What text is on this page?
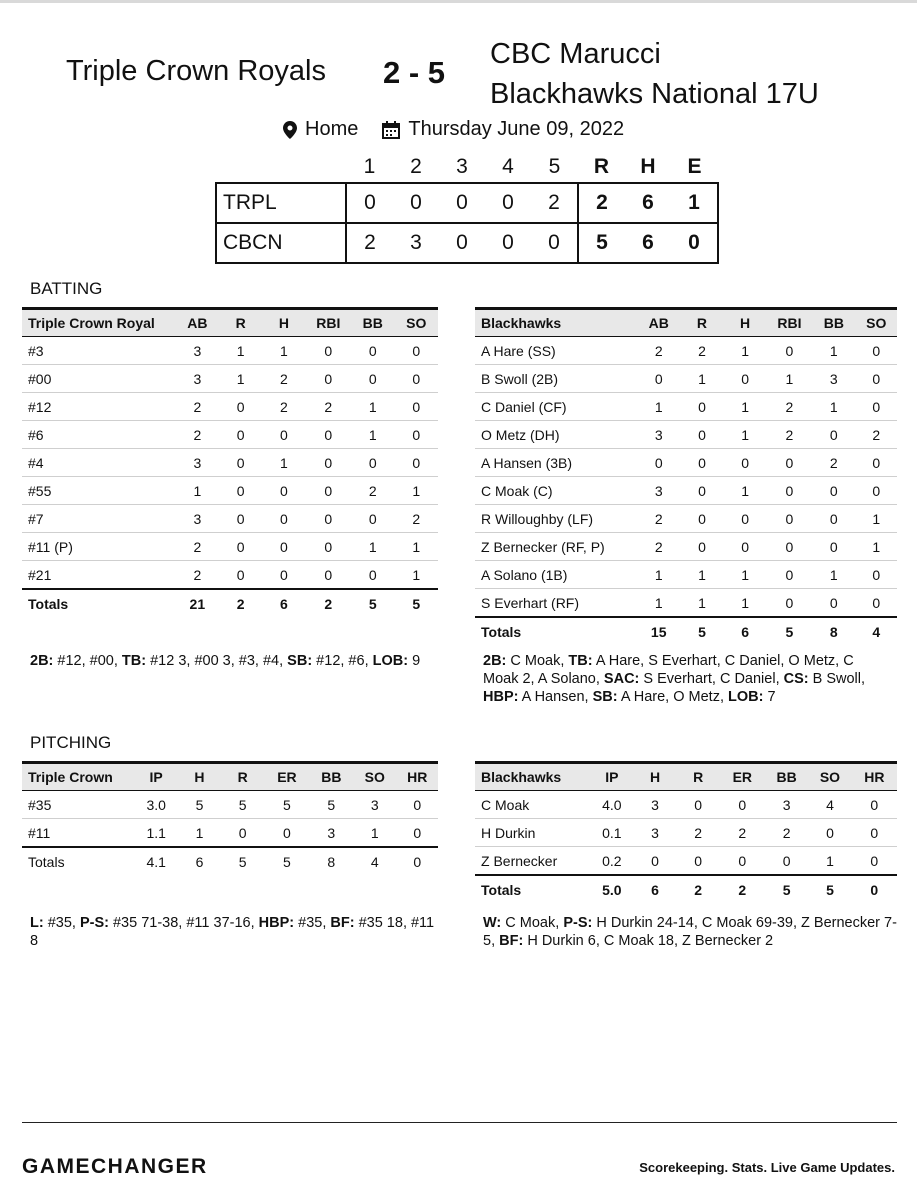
Triple Crown Royals 2 - 5
CBC Marucci
Blackhawks National 17U
Home	Thursday June 09, 2022
	1	2	3	4	5	R	H	E
TRPL	0	0	0	0	2	2	6	1
CBCN	2	3	0	0	0	5	6	0
BATTING
Triple Crown Royal	AB	R	H	RBI	BB	SO
#3	3	1	1	0	0	0
#00	3	1	2	0	0	0
#12	2	0	2	2	1	0
#6	2	0	0	0	1	0
#4	3	0	1	0	0	0
#55	1	0	0	0	2	1
#7	3	0	0	0	0	2
#11 (P)	2	0	0	0	1	1
#21	2	0	0	0	0	1
Totals	21	2	6	2	5	5
Blackhawks	AB	R	H	RBI	BB	SO
A Hare (SS)	2	2	1	0	1	0
B Swoll (2B)	0	1	0	1	3	0
C Daniel (CF)	1	0	1	2	1	0
O Metz (DH)	3	0	1	2	0	2
A Hansen (3B)	0	0	0	0	2	0
C Moak (C)	3	0	1	0	0	0
R Willoughby (LF)	2	0	0	0	0	1
Z Bernecker (RF, P)	2	0	0	0	0	1
A Solano (1B)	1	1	1	0	1	0
S Everhart (RF)	1	1	1	0	0	0
Totals	15	5	6	5	8	4
2B: #12, #00, TB: #12 3, #00 3, #3, #4, SB: #12, #6, LOB: 9	2B: C Moak, TB: A Hare, S Everhart, C Daniel, O Metz, C Moak 2, A Solano, SAC: S Everhart, C Daniel, CS: B Swoll, HBP: A Hansen, SB: A Hare, O Metz, LOB: 7
PITCHING
Triple Crown	IP	H	R	ER	BB	SO	HR
#35	3.0	5	5	5	5	3	0
#11	1.1	1	0	0	3	1	0
Totals	4.1	6	5	5	8	4	0
Blackhawks	IP	H	R	ER	BB	SO	HR
C Moak	4.0	3	0	0	3	4	0
H Durkin	0.1	3	2	2	2	0	0
Z Bernecker	0.2	0	0	0	0	1	0
Totals	5.0	6	2	2	5	5	0
L: #35, P-S: #35 71-38, #11 37-16, HBP: #35, BF: #35 18, #11 8
W: C Moak, P-S: H Durkin 24-14, C Moak 69-39, Z Bernecker 7-5, BF: H Durkin 6, C Moak 18, Z Bernecker 2
GAMECHANGER	Scorekeeping. Stats. Live Game Updates.
